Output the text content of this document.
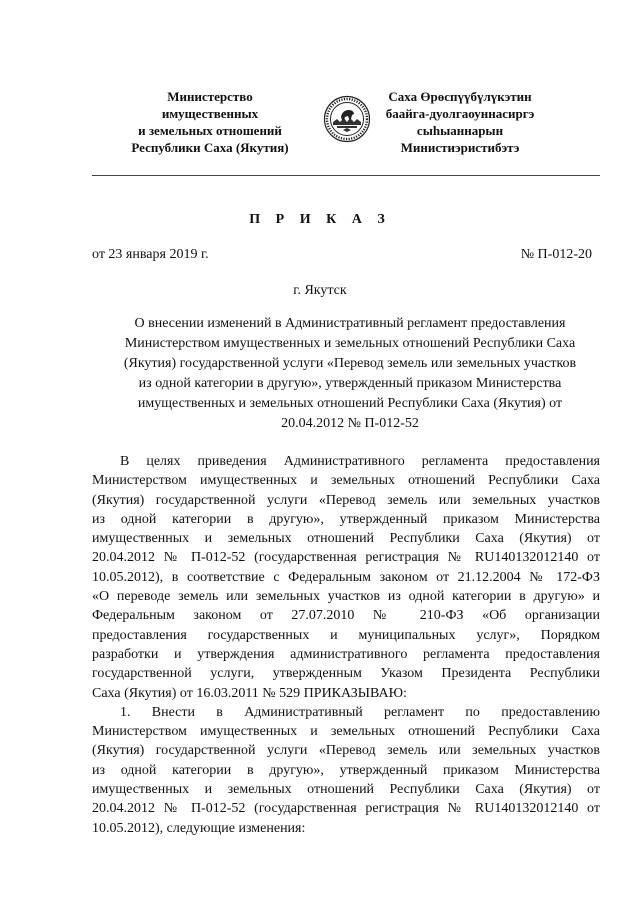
Министерство
имущественных
и земельных отношений
Республики Саха (Якутия)
Саха Өрөспүүбүлүкэтин
баайга-дуолгаоуннасиргэ
сыhыаннарын
Министиэристибэтэ
П Р И К А З
от 23 января 2019 г.	№ П-012-20
г. Якутск
О внесении изменений в Административный регламент предоставления
Министерством имущественных и земельных отношений Республики Саха
(Якутия) государственной услуги «Перевод земель или земельных участков
из одной категории в другую», утвержденный приказом Министерства
имущественных и земельных отношений Республики Саха (Якутия) от
20.04.2012 № П-012-52
В целях приведения Административного регламента предоставления
Министерством имущественных и земельных отношений Республики Саха
(Якутия) государственной услуги «Перевод земель или земельных участков
из одной категории в другую», утвержденный приказом Министерства
имущественных и земельных отношений Республики Саха (Якутия) от
20.04.2012 № П-012-52 (государственная регистрация № RU140132012140 от
10.05.2012), в соответствие с Федеральным законом от 21.12.2004 № 172-ФЗ
«О переводе земель или земельных участков из одной категории в другую» и
Федеральным законом от 27.07.2010 № 210-ФЗ «Об организации
предоставления государственных и муниципальных услуг», Порядком
разработки и утверждения административного регламента предоставления
государственной услуги, утвержденным Указом Президента Республики
Саха (Якутия) от 16.03.2011 № 529 ПРИКАЗЫВАЮ:
1. Внести в Административный регламент по предоставлению
Министерством имущественных и земельных отношений Республики Саха
(Якутия) государственной услуги «Перевод земель или земельных участков
из одной категории в другую», утвержденный приказом Министерства
имущественных и земельных отношений Республики Саха (Якутия) от
20.04.2012 № П-012-52 (государственная регистрация № RU140132012140 от
10.05.2012), следующие изменения:
